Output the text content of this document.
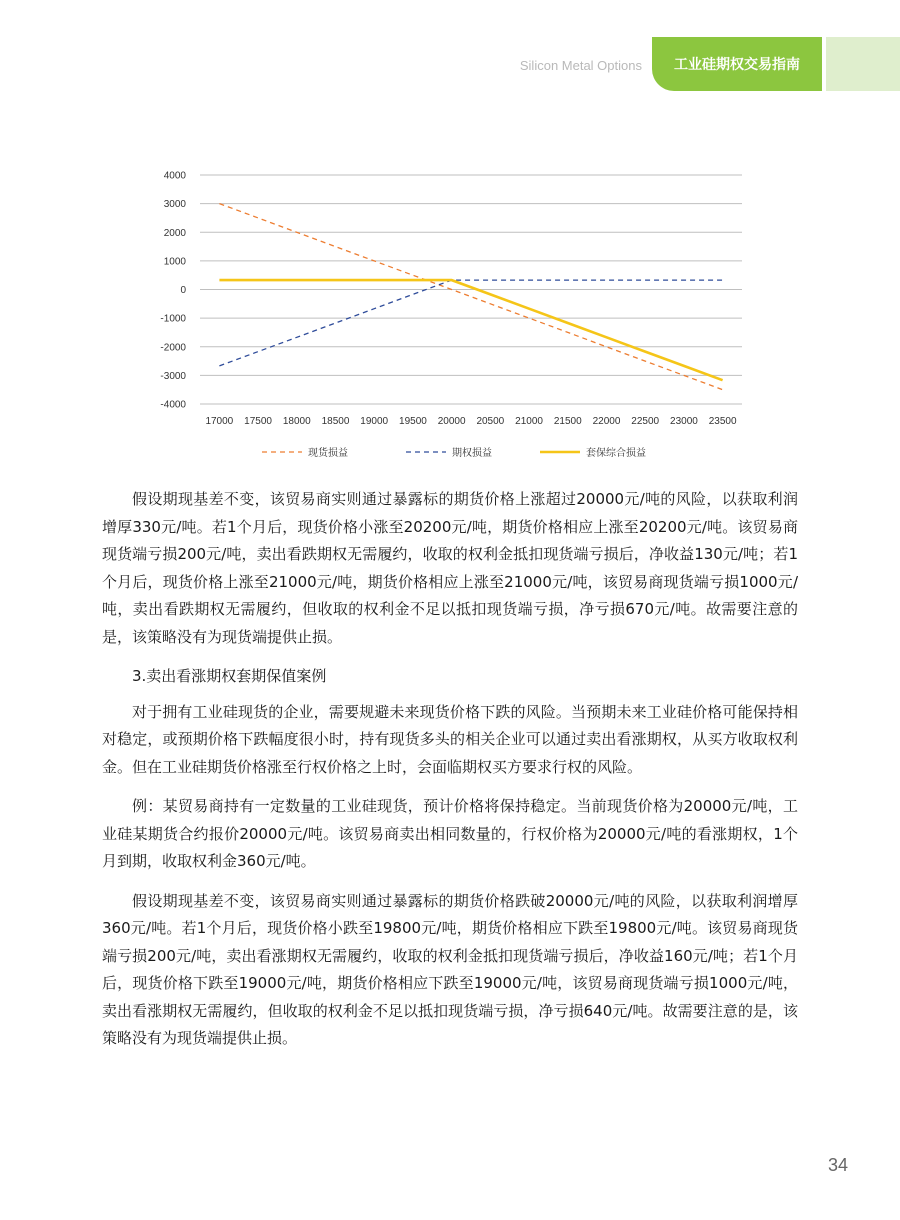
Silicon Metal Options	工业硅期权交易指南
4000
3000
2000
1000
0
-1000
-2000
-3000
-4000
17000 17500 18000 18500 19000 19500 20000 20500 21000 21500 22000 22500 23000 23500
现货损益	期权损益	套保综合损益

假设期现基差不变，该贸易商实则通过暴露标的期货价格上涨超过20000元/吨的风险，以获取利润增厚330元/吨。若1个月后，现货价格小涨至20200元/吨，期货价格相应上涨至20200元/吨。该贸易商现货端亏损200元/吨，卖出看跌期权无需履约，收取的权利金抵扣现货端亏损后，净收益130元/吨；若1个月后，现货价格上涨至21000元/吨，期货价格相应上涨至21000元/吨，该贸易商现货端亏损1000元/吨，卖出看跌期权无需履约，但收取的权利金不足以抵扣现货端亏损，净亏损670元/吨。故需要注意的是，该策略没有为现货端提供止损。

3.卖出看涨期权套期保值案例

对于拥有工业硅现货的企业，需要规避未来现货价格下跌的风险。当预期未来工业硅价格可能保持相对稳定，或预期价格下跌幅度很小时，持有现货多头的相关企业可以通过卖出看涨期权，从买方收取权利金。但在工业硅期货价格涨至行权价格之上时，会面临期权买方要求行权的风险。

例：某贸易商持有一定数量的工业硅现货，预计价格将保持稳定。当前现货价格为20000元/吨，工业硅某期货合约报价20000元/吨。该贸易商卖出相同数量的，行权价格为20000元/吨的看涨期权，1个月到期，收取权利金360元/吨。

假设期现基差不变，该贸易商实则通过暴露标的期货价格跌破20000元/吨的风险，以获取利润增厚360元/吨。若1个月后，现货价格小跌至19800元/吨，期货价格相应下跌至19800元/吨。该贸易商现货端亏损200元/吨，卖出看涨期权无需履约，收取的权利金抵扣现货端亏损后，净收益160元/吨；若1个月后，现货价格下跌至19000元/吨，期货价格相应下跌至19000元/吨，该贸易商现货端亏损1000元/吨，卖出看涨期权无需履约，但收取的权利金不足以抵扣现货端亏损，净亏损640元/吨。故需要注意的是，该策略没有为现货端提供止损。

34
